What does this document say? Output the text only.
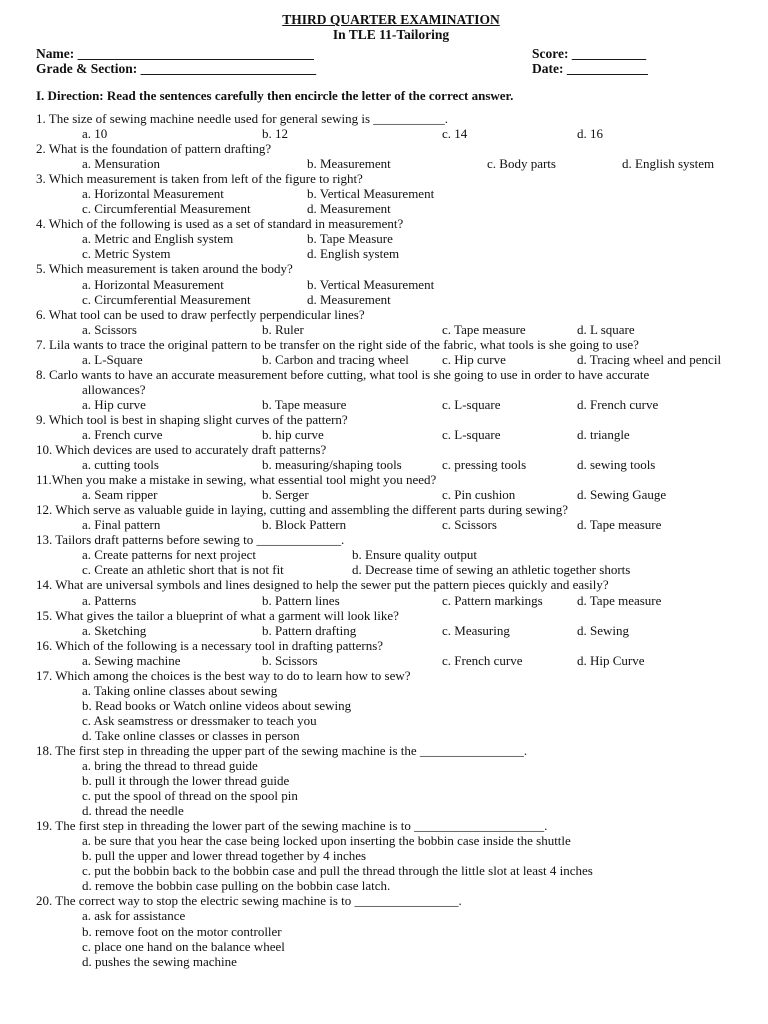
THIRD QUARTER EXAMINATION
In TLE 11-Tailoring
Name: ___________________________________
Grade & Section: __________________________
Score: ___________
Date: ____________
I. Direction: Read the sentences carefully then encircle the letter of the correct answer.
1. The size of sewing machine needle used for general sewing is ___________.
a. 10	b. 12	c. 14	d. 16
2. What is the foundation of pattern drafting?
a. Mensuration	b. Measurement	c. Body parts	d. English system
3. Which measurement is taken from left of the figure to right?
a. Horizontal Measurement	b. Vertical Measurement
c. Circumferential Measurement	d. Measurement
4. Which of the following is used as a set of standard in measurement?
a. Metric and English system	b. Tape Measure
c. Metric System	d. English system
5. Which measurement is taken around the body?
a. Horizontal Measurement	b. Vertical Measurement
c. Circumferential Measurement	d. Measurement
6. What tool can be used to draw perfectly perpendicular lines?
a. Scissors	b. Ruler	c. Tape measure	d. L square
7. Lila wants to trace the original pattern to be transfer on the right side of the fabric, what tools is she going to use?
a. L-Square	b. Carbon and tracing wheel	c. Hip curve	d. Tracing wheel and pencil
8. Carlo wants to have an accurate measurement before cutting, what tool is she going to use in order to have accurate
allowances?
a. Hip curve	b. Tape measure	c. L-square	d. French curve
9. Which tool is best in shaping slight curves of the pattern?
a. French curve	b. hip curve	c. L-square	d. triangle
10. Which devices are used to accurately draft patterns?
a. cutting tools	b. measuring/shaping tools	c. pressing tools	d. sewing tools
11.When you make a mistake in sewing, what essential tool might you need?
a. Seam ripper	b. Serger	c. Pin cushion	d. Sewing Gauge
12. Which serve as valuable guide in laying, cutting and assembling the different parts during sewing?
a. Final pattern	b. Block Pattern	c. Scissors	d. Tape measure
13. Tailors draft patterns before sewing to _____________.
a. Create patterns for next project	b. Ensure quality output
c. Create an athletic short that is not fit	d. Decrease time of sewing an athletic together shorts
14. What are universal symbols and lines designed to help the sewer put the pattern pieces quickly and easily?
a. Patterns	b. Pattern lines	c. Pattern markings	d. Tape measure
15. What gives the tailor a blueprint of what a garment will look like?
a. Sketching	b. Pattern drafting	c. Measuring	d. Sewing
16. Which of the following is a necessary tool in drafting patterns?
a. Sewing machine	b. Scissors	c. French curve	d. Hip Curve
17. Which among the choices is the best way to do to learn how to sew?
a. Taking online classes about sewing
b. Read books or Watch online videos about sewing
c. Ask seamstress or dressmaker to teach you
d. Take online classes or classes in person
18. The first step in threading the upper part of the sewing machine is the ________________.
a. bring the thread to thread guide
b. pull it through the lower thread guide
c. put the spool of thread on the spool pin
d. thread the needle
19. The first step in threading the lower part of the sewing machine is to ____________________.
a. be sure that you hear the case being locked upon inserting the bobbin case inside the shuttle
b. pull the upper and lower thread together by 4 inches
c. put the bobbin back to the bobbin case and pull the thread through the little slot at least 4 inches
d. remove the bobbin case pulling on the bobbin case latch.
20. The correct way to stop the electric sewing machine is to ________________.
a. ask for assistance
b. remove foot on the motor controller
c. place one hand on the balance wheel
d. pushes the sewing machine
